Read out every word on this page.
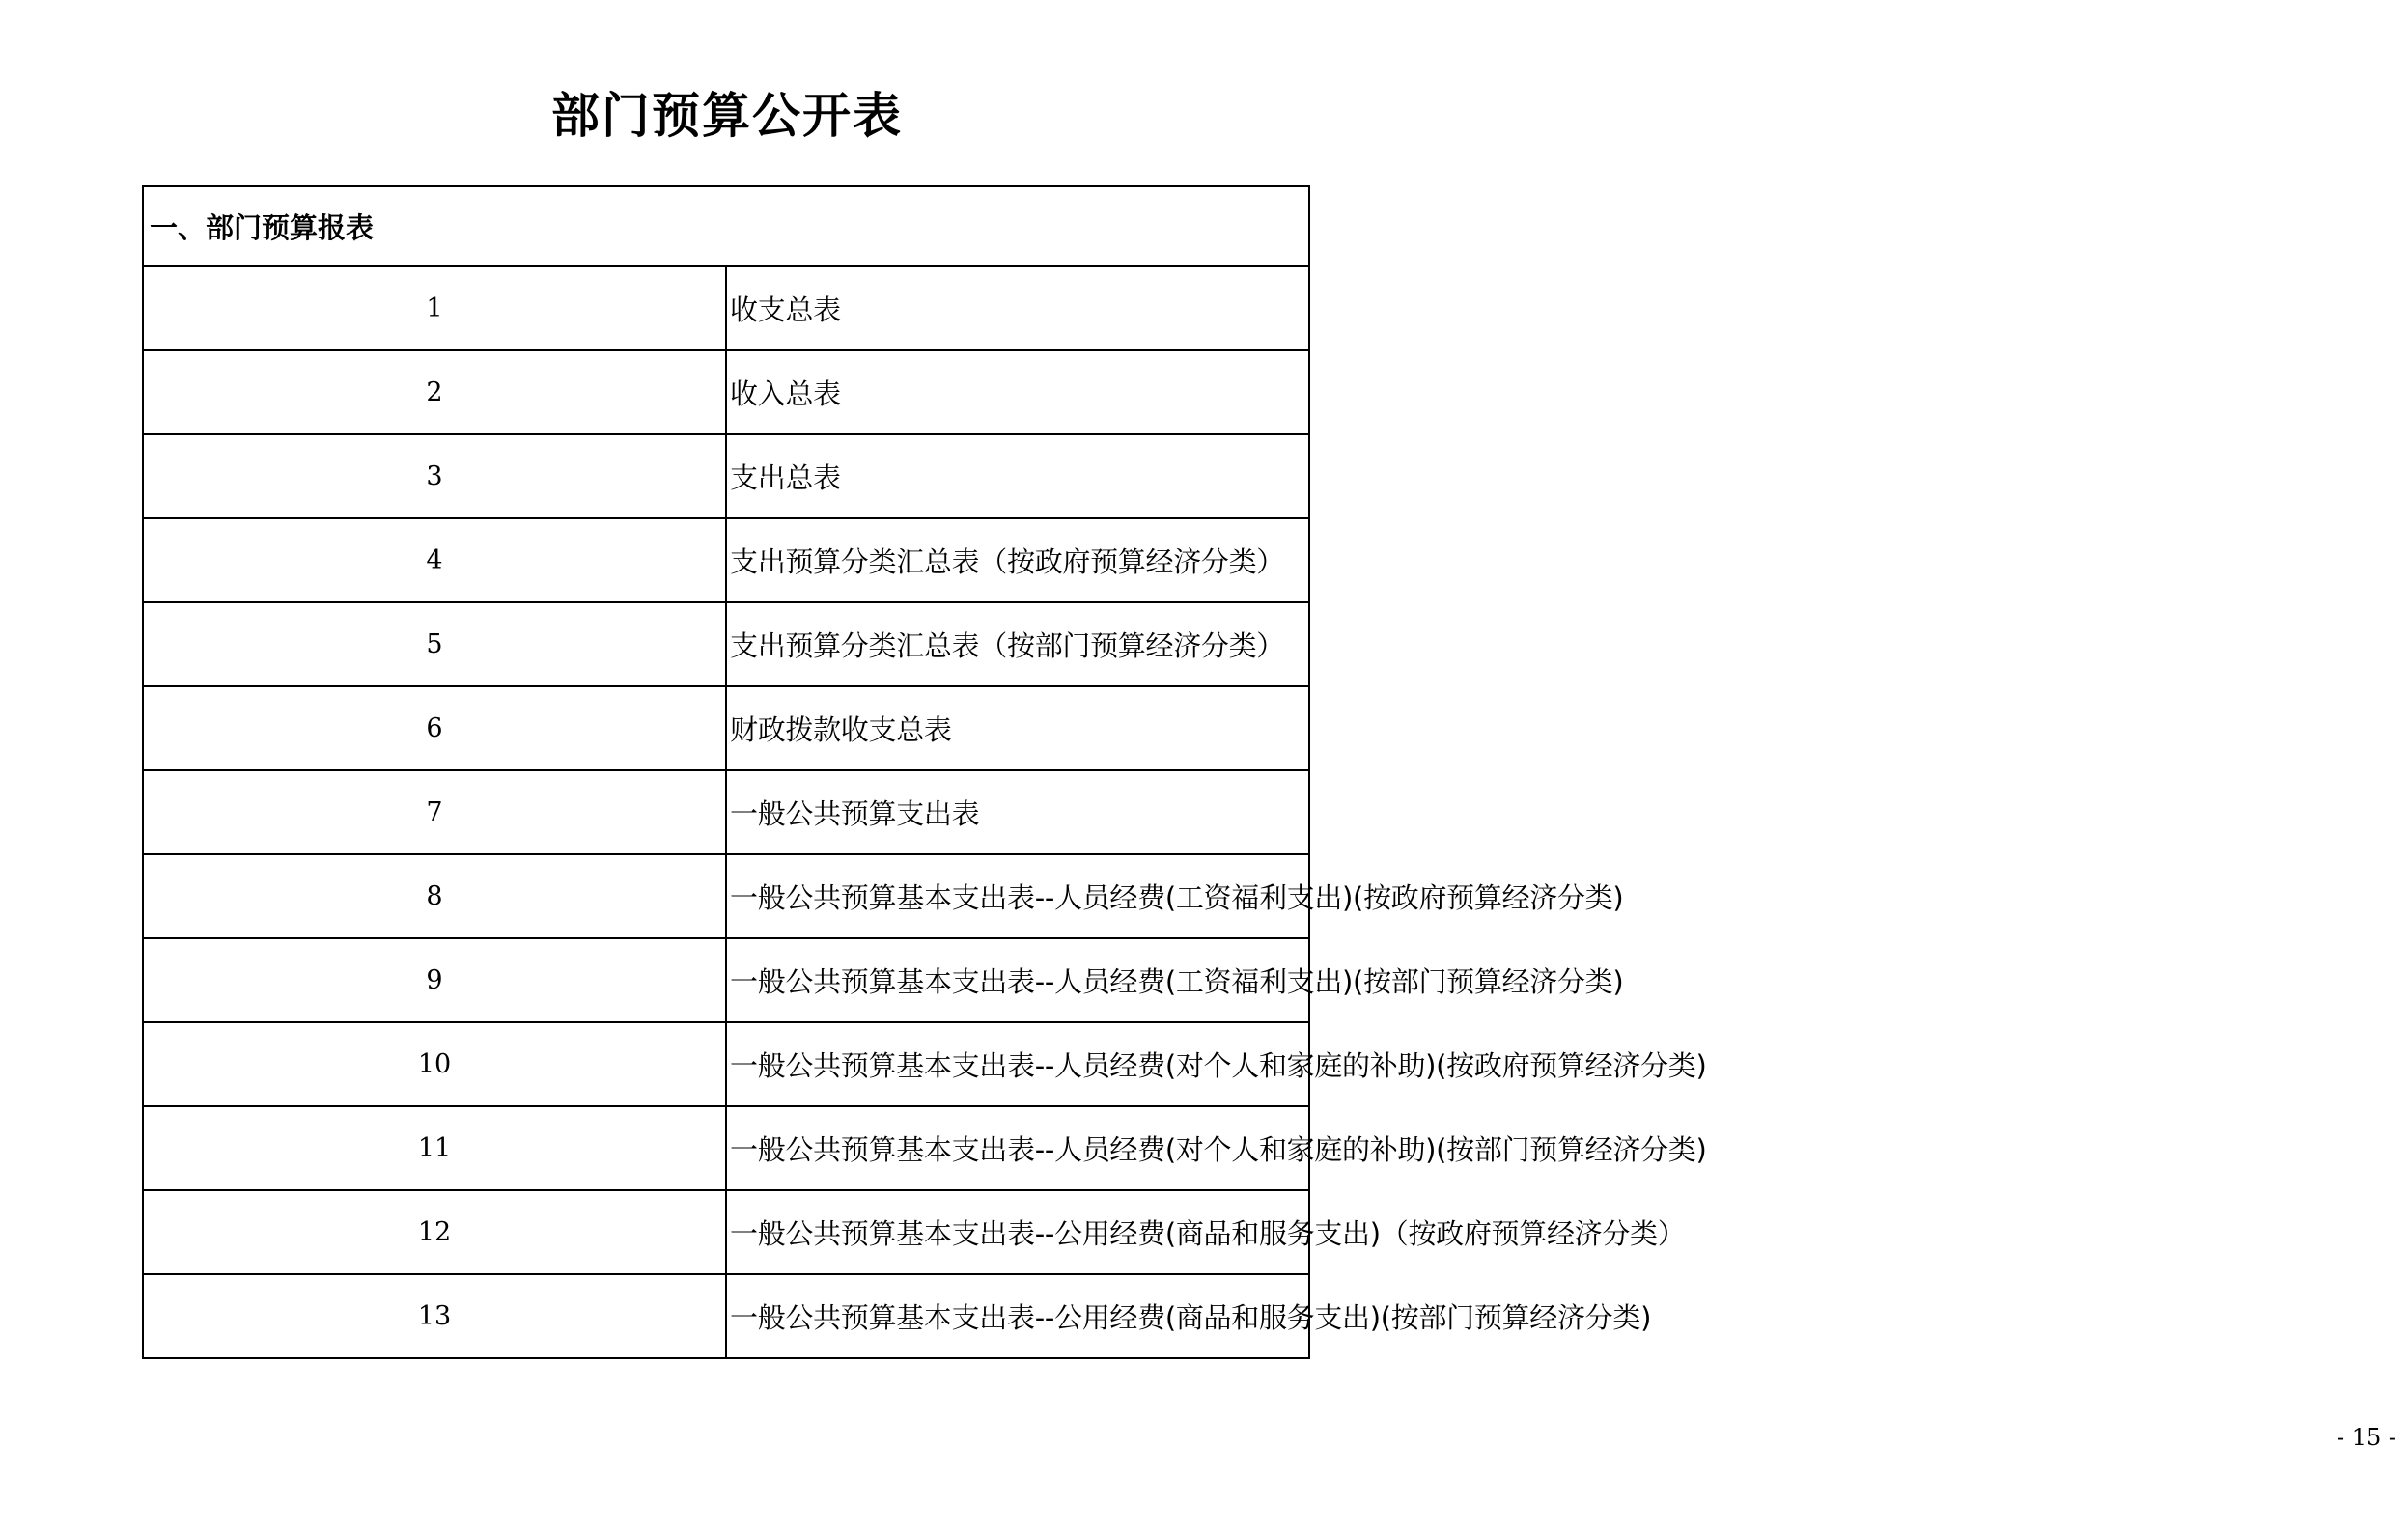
部门预算公开表
一、部门预算报表	
1	收支总表
2	收入总表
3	支出总表
4	支出预算分类汇总表（按政府预算经济分类）
5	支出预算分类汇总表（按部门预算经济分类）
6	财政拨款收支总表
7	一般公共预算支出表
8	一般公共预算基本支出表--人员经费(工资福利支出)(按政府预算经济分类)
9	一般公共预算基本支出表--人员经费(工资福利支出)(按部门预算经济分类)
10	一般公共预算基本支出表--人员经费(对个人和家庭的补助)(按政府预算经济分类)
11	一般公共预算基本支出表--人员经费(对个人和家庭的补助)(按部门预算经济分类)
12	一般公共预算基本支出表--公用经费(商品和服务支出)（按政府预算经济分类）
13	一般公共预算基本支出表--公用经费(商品和服务支出)(按部门预算经济分类)
- 15 -
